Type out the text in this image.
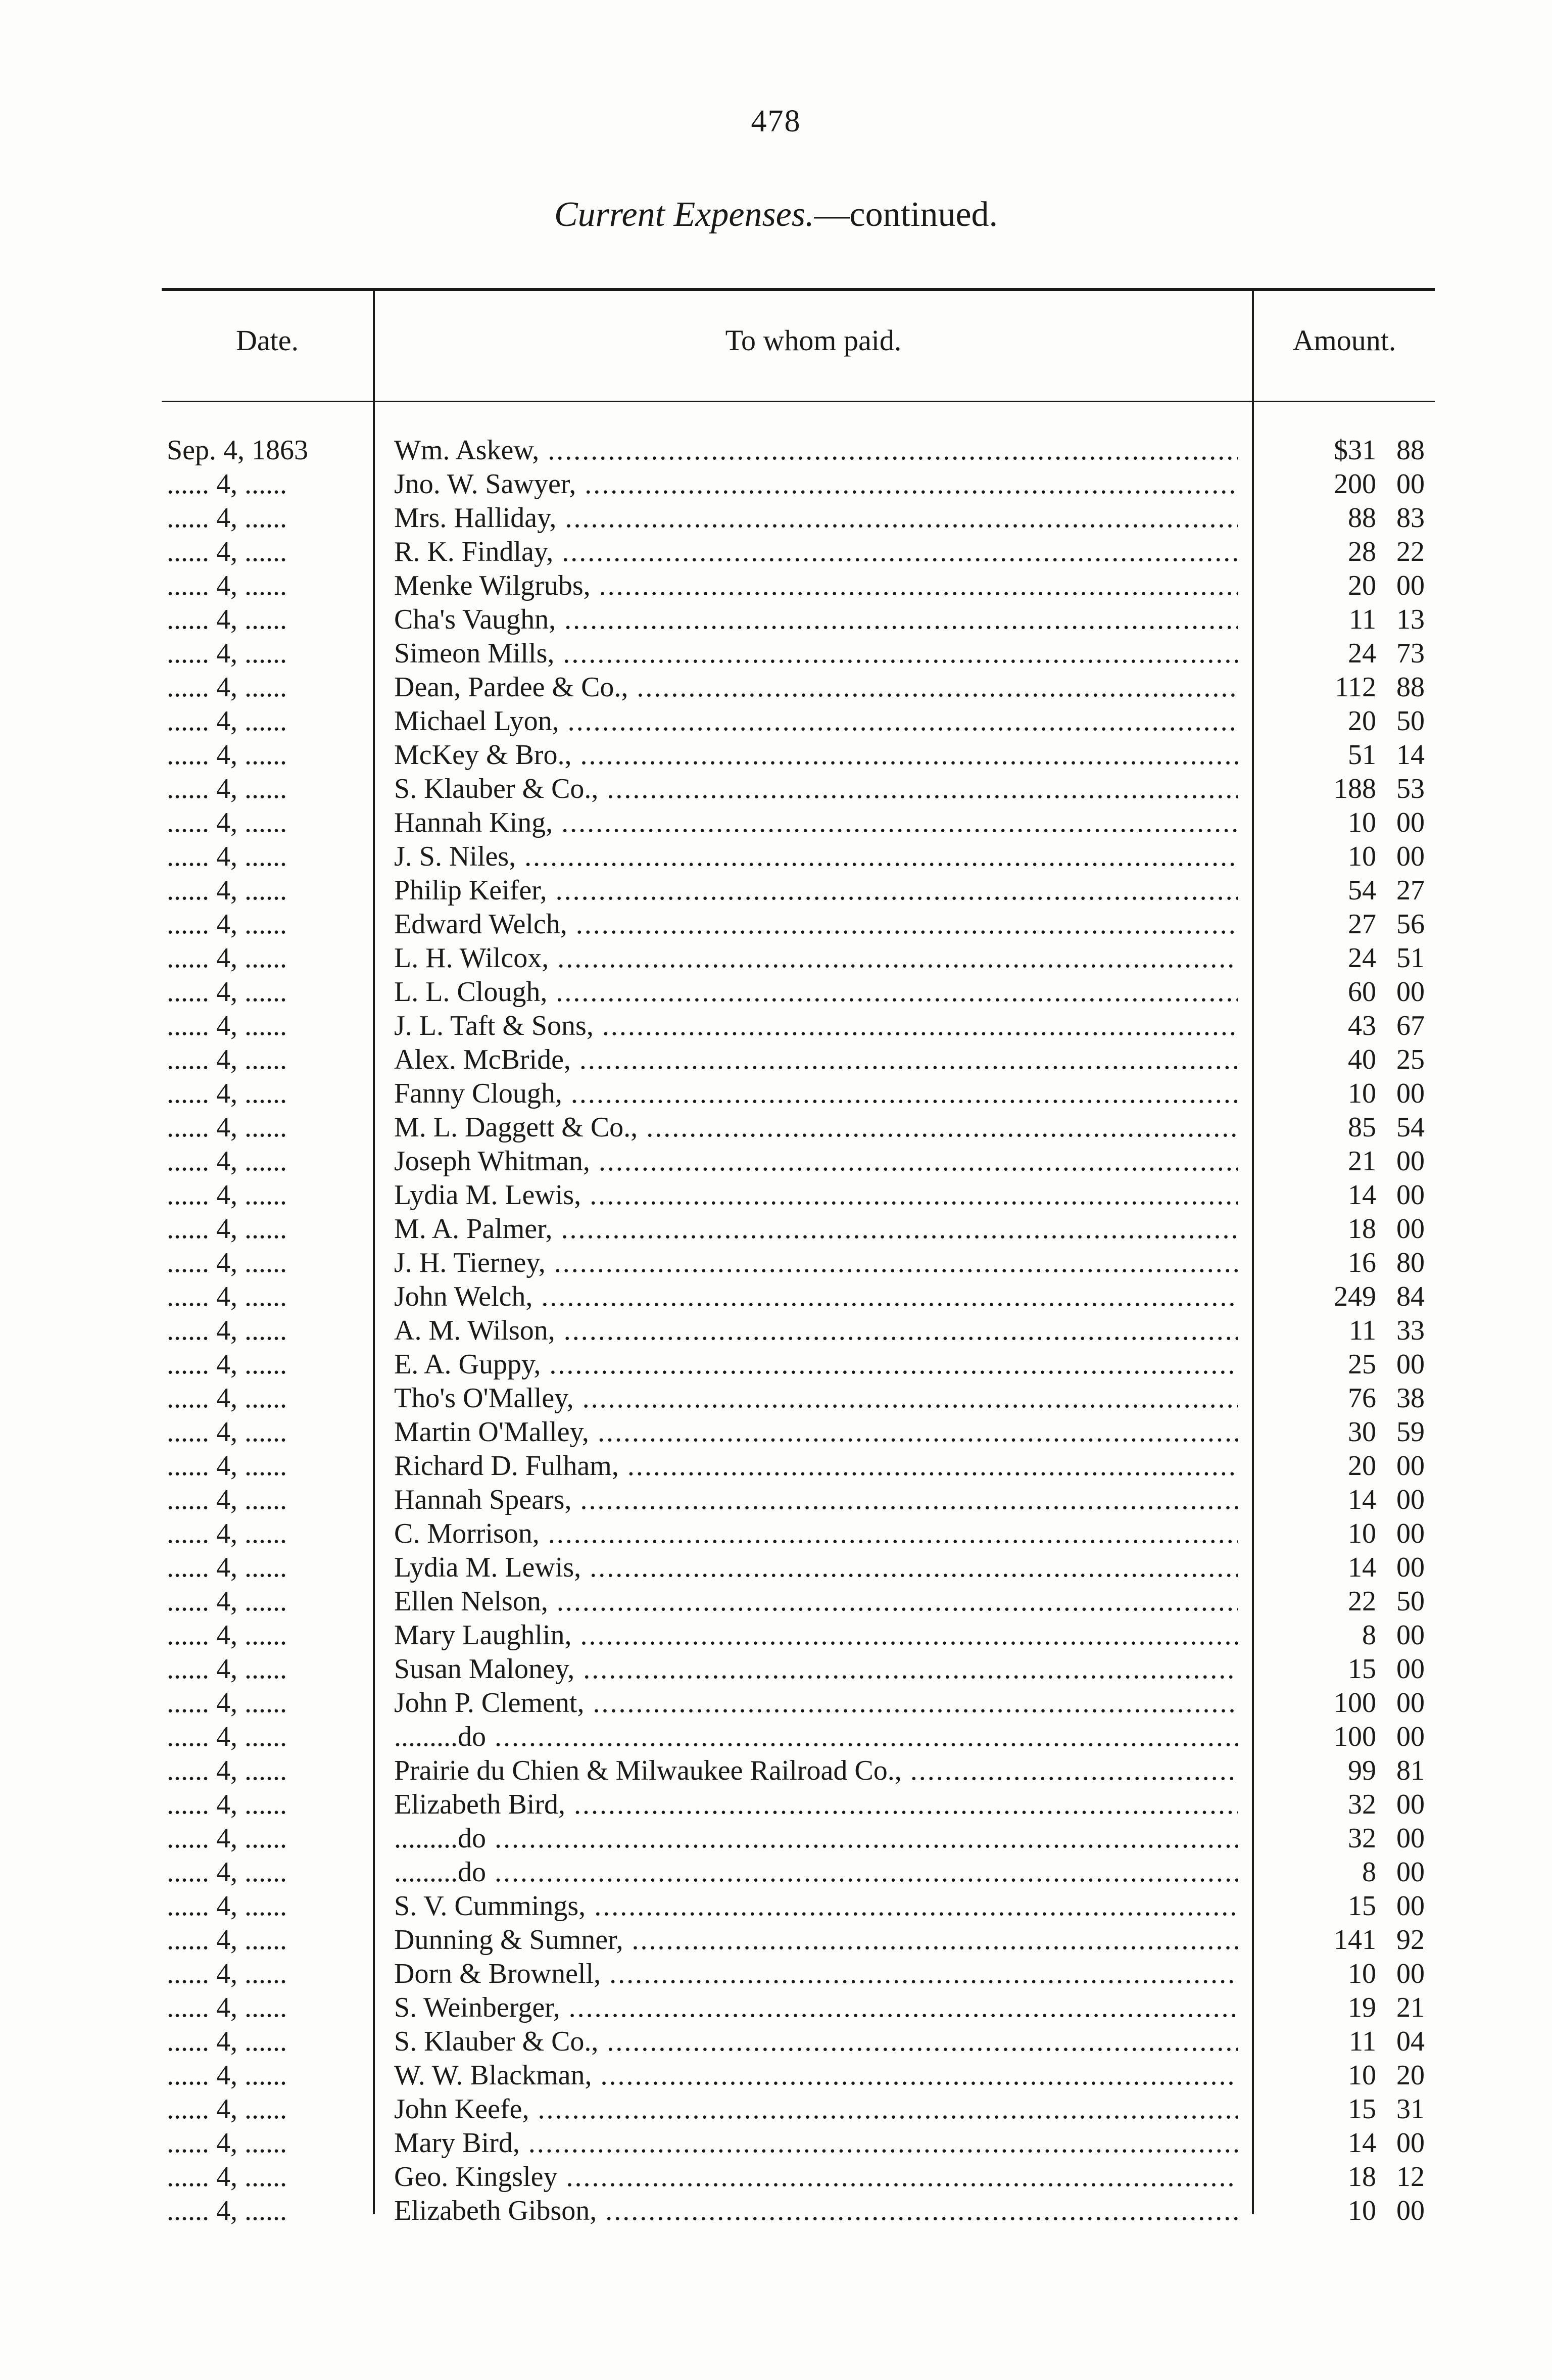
478
Current Expenses.—continued.
Date.	To whom paid.	Amount.
Sep. 4, 1863	Wm. Askew, .....	$31 88
...... 4, ......	Jno. W. Sawyer, .....	200 00
...... 4, ......	Mrs. Halliday, .....	88 83
...... 4, ......	R. K. Findlay, .....	28 22
...... 4, ......	Menke Wilgrubs, .....	20 00
...... 4, ......	Cha's Vaughn, .....	11 13
...... 4, ......	Simeon Mills, .....	24 73
...... 4, ......	Dean, Pardee & Co., .....	112 88
...... 4, ......	Michael Lyon, .....	20 50
...... 4, ......	McKey & Bro., .....	51 14
...... 4, ......	S. Klauber & Co., .....	188 53
...... 4, ......	Hannah King, .....	10 00
...... 4, ......	J. S. Niles, .....	10 00
...... 4, ......	Philip Keifer, .....	54 27
...... 4, ......	Edward Welch, .....	27 56
...... 4, ......	L. H. Wilcox, .....	24 51
...... 4, ......	L. L. Clough, .....	60 00
...... 4, ......	J. L. Taft & Sons, .....	43 67
...... 4, ......	Alex. McBride, .....	40 25
...... 4, ......	Fanny Clough, .....	10 00
...... 4, ......	M. L. Daggett & Co., .....	85 54
...... 4, ......	Joseph Whitman, .....	21 00
...... 4, ......	Lydia M. Lewis, .....	14 00
...... 4, ......	M. A. Palmer, .....	18 00
...... 4, ......	J. H. Tierney, .....	16 80
...... 4, ......	John Welch, .....	249 84
...... 4, ......	A. M. Wilson, .....	11 33
...... 4, ......	E. A. Guppy, .....	25 00
...... 4, ......	Tho's O'Malley, .....	76 38
...... 4, ......	Martin O'Malley, .....	30 59
...... 4, ......	Richard D. Fulham, .....	20 00
...... 4, ......	Hannah Spears, .....	14 00
...... 4, ......	C. Morrison, .....	10 00
...... 4, ......	Lydia M. Lewis, .....	14 00
...... 4, ......	Ellen Nelson, .....	22 50
...... 4, ......	Mary Laughlin, .....	8 00
...... 4, ......	Susan Maloney, .....	15 00
...... 4, ......	John P. Clement, .....	100 00
...... 4, ......	.........do .....	100 00
...... 4, ......	Prairie du Chien & Milwaukee Railroad Co., .....	99 81
...... 4, ......	Elizabeth Bird, .....	32 00
...... 4, ......	.........do .....	32 00
...... 4, ......	.........do .....	8 00
...... 4, ......	S. V. Cummings, .....	15 00
...... 4, ......	Dunning & Sumner, .....	141 92
...... 4, ......	Dorn & Brownell, .....	10 00
...... 4, ......	S. Weinberger, .....	19 21
...... 4, ......	S. Klauber & Co., .....	11 04
...... 4, ......	W. W. Blackman, .....	10 20
...... 4, ......	John Keefe, .....	15 31
...... 4, ......	Mary Bird, .....	14 00
...... 4, ......	Geo. Kingsley .....	18 12
...... 4, ......	Elizabeth Gibson, .....	10 00
